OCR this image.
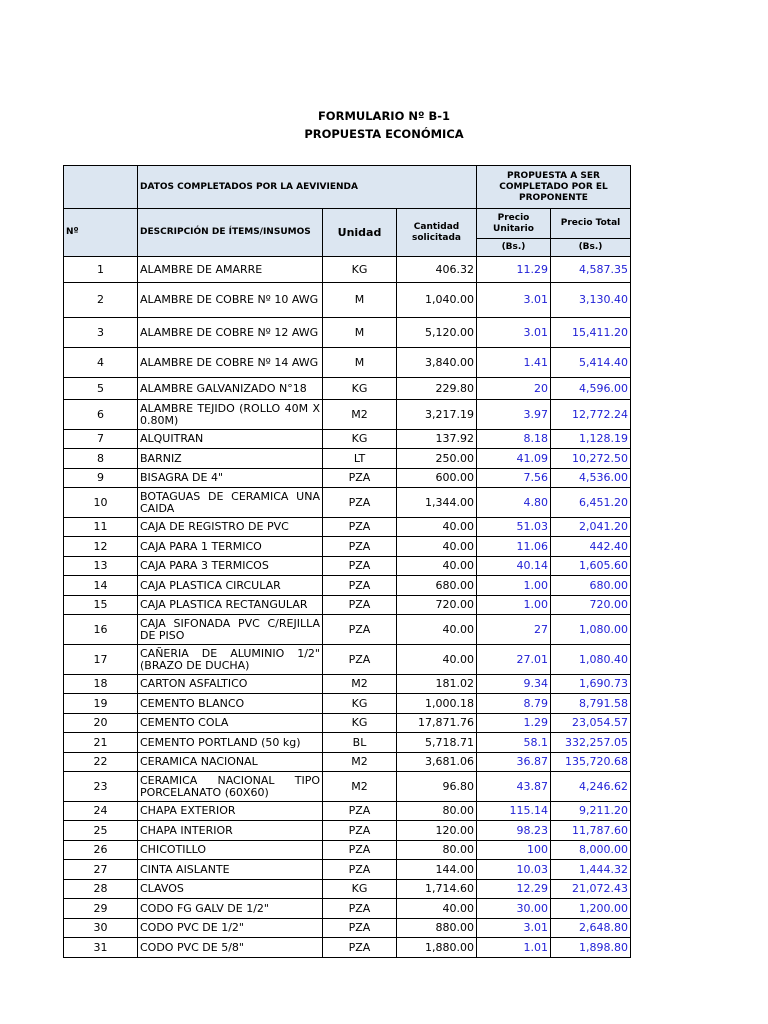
FORMULARIO Nº B-1
PROPUESTA ECONÓMICA
	DATOS COMPLETADOS POR LA AEVIVIENDA			PROPUESTA A SER COMPLETADO POR EL PROPONENTE	
Nº	DESCRIPCIÓN DE ÍTEMS/INSUMOS	Unidad	Cantidad solicitada	Precio Unitario	Precio Total
				(Bs.)	(Bs.)
1	ALAMBRE DE AMARRE	KG	406.32	11.29	4,587.35
2	ALAMBRE DE COBRE Nº 10 AWG	M	1,040.00	3.01	3,130.40
3	ALAMBRE DE COBRE Nº 12 AWG	M	5,120.00	3.01	15,411.20
4	ALAMBRE DE COBRE Nº 14 AWG	M	3,840.00	1.41	5,414.40
5	ALAMBRE GALVANIZADO N°18	KG	229.80	20	4,596.00
6	ALAMBRE TEJIDO (ROLLO 40M X 0.80M)	M2	3,217.19	3.97	12,772.24
7	ALQUITRAN	KG	137.92	8.18	1,128.19
8	BARNIZ	LT	250.00	41.09	10,272.50
9	BISAGRA DE 4"	PZA	600.00	7.56	4,536.00
10	BOTAGUAS DE CERAMICA UNA CAIDA	PZA	1,344.00	4.80	6,451.20
11	CAJA DE REGISTRO DE PVC	PZA	40.00	51.03	2,041.20
12	CAJA PARA 1 TERMICO	PZA	40.00	11.06	442.40
13	CAJA PARA 3 TERMICOS	PZA	40.00	40.14	1,605.60
14	CAJA PLASTICA CIRCULAR	PZA	680.00	1.00	680.00
15	CAJA PLASTICA RECTANGULAR	PZA	720.00	1.00	720.00
16	CAJA SIFONADA PVC C/REJILLA DE PISO	PZA	40.00	27	1,080.00
17	CAÑERIA DE ALUMINIO 1/2" (BRAZO DE DUCHA)	PZA	40.00	27.01	1,080.40
18	CARTON ASFALTICO	M2	181.02	9.34	1,690.73
19	CEMENTO BLANCO	KG	1,000.18	8.79	8,791.58
20	CEMENTO COLA	KG	17,871.76	1.29	23,054.57
21	CEMENTO PORTLAND (50 kg)	BL	5,718.71	58.1	332,257.05
22	CERAMICA NACIONAL	M2	3,681.06	36.87	135,720.68
23	CERAMICA NACIONAL TIPO PORCELANATO (60X60)	M2	96.80	43.87	4,246.62
24	CHAPA EXTERIOR	PZA	80.00	115.14	9,211.20
25	CHAPA INTERIOR	PZA	120.00	98.23	11,787.60
26	CHICOTILLO	PZA	80.00	100	8,000.00
27	CINTA AISLANTE	PZA	144.00	10.03	1,444.32
28	CLAVOS	KG	1,714.60	12.29	21,072.43
29	CODO FG GALV DE 1/2"	PZA	40.00	30.00	1,200.00
30	CODO PVC DE 1/2"	PZA	880.00	3.01	2,648.80
31	CODO PVC DE 5/8"	PZA	1,880.00	1.01	1,898.80
